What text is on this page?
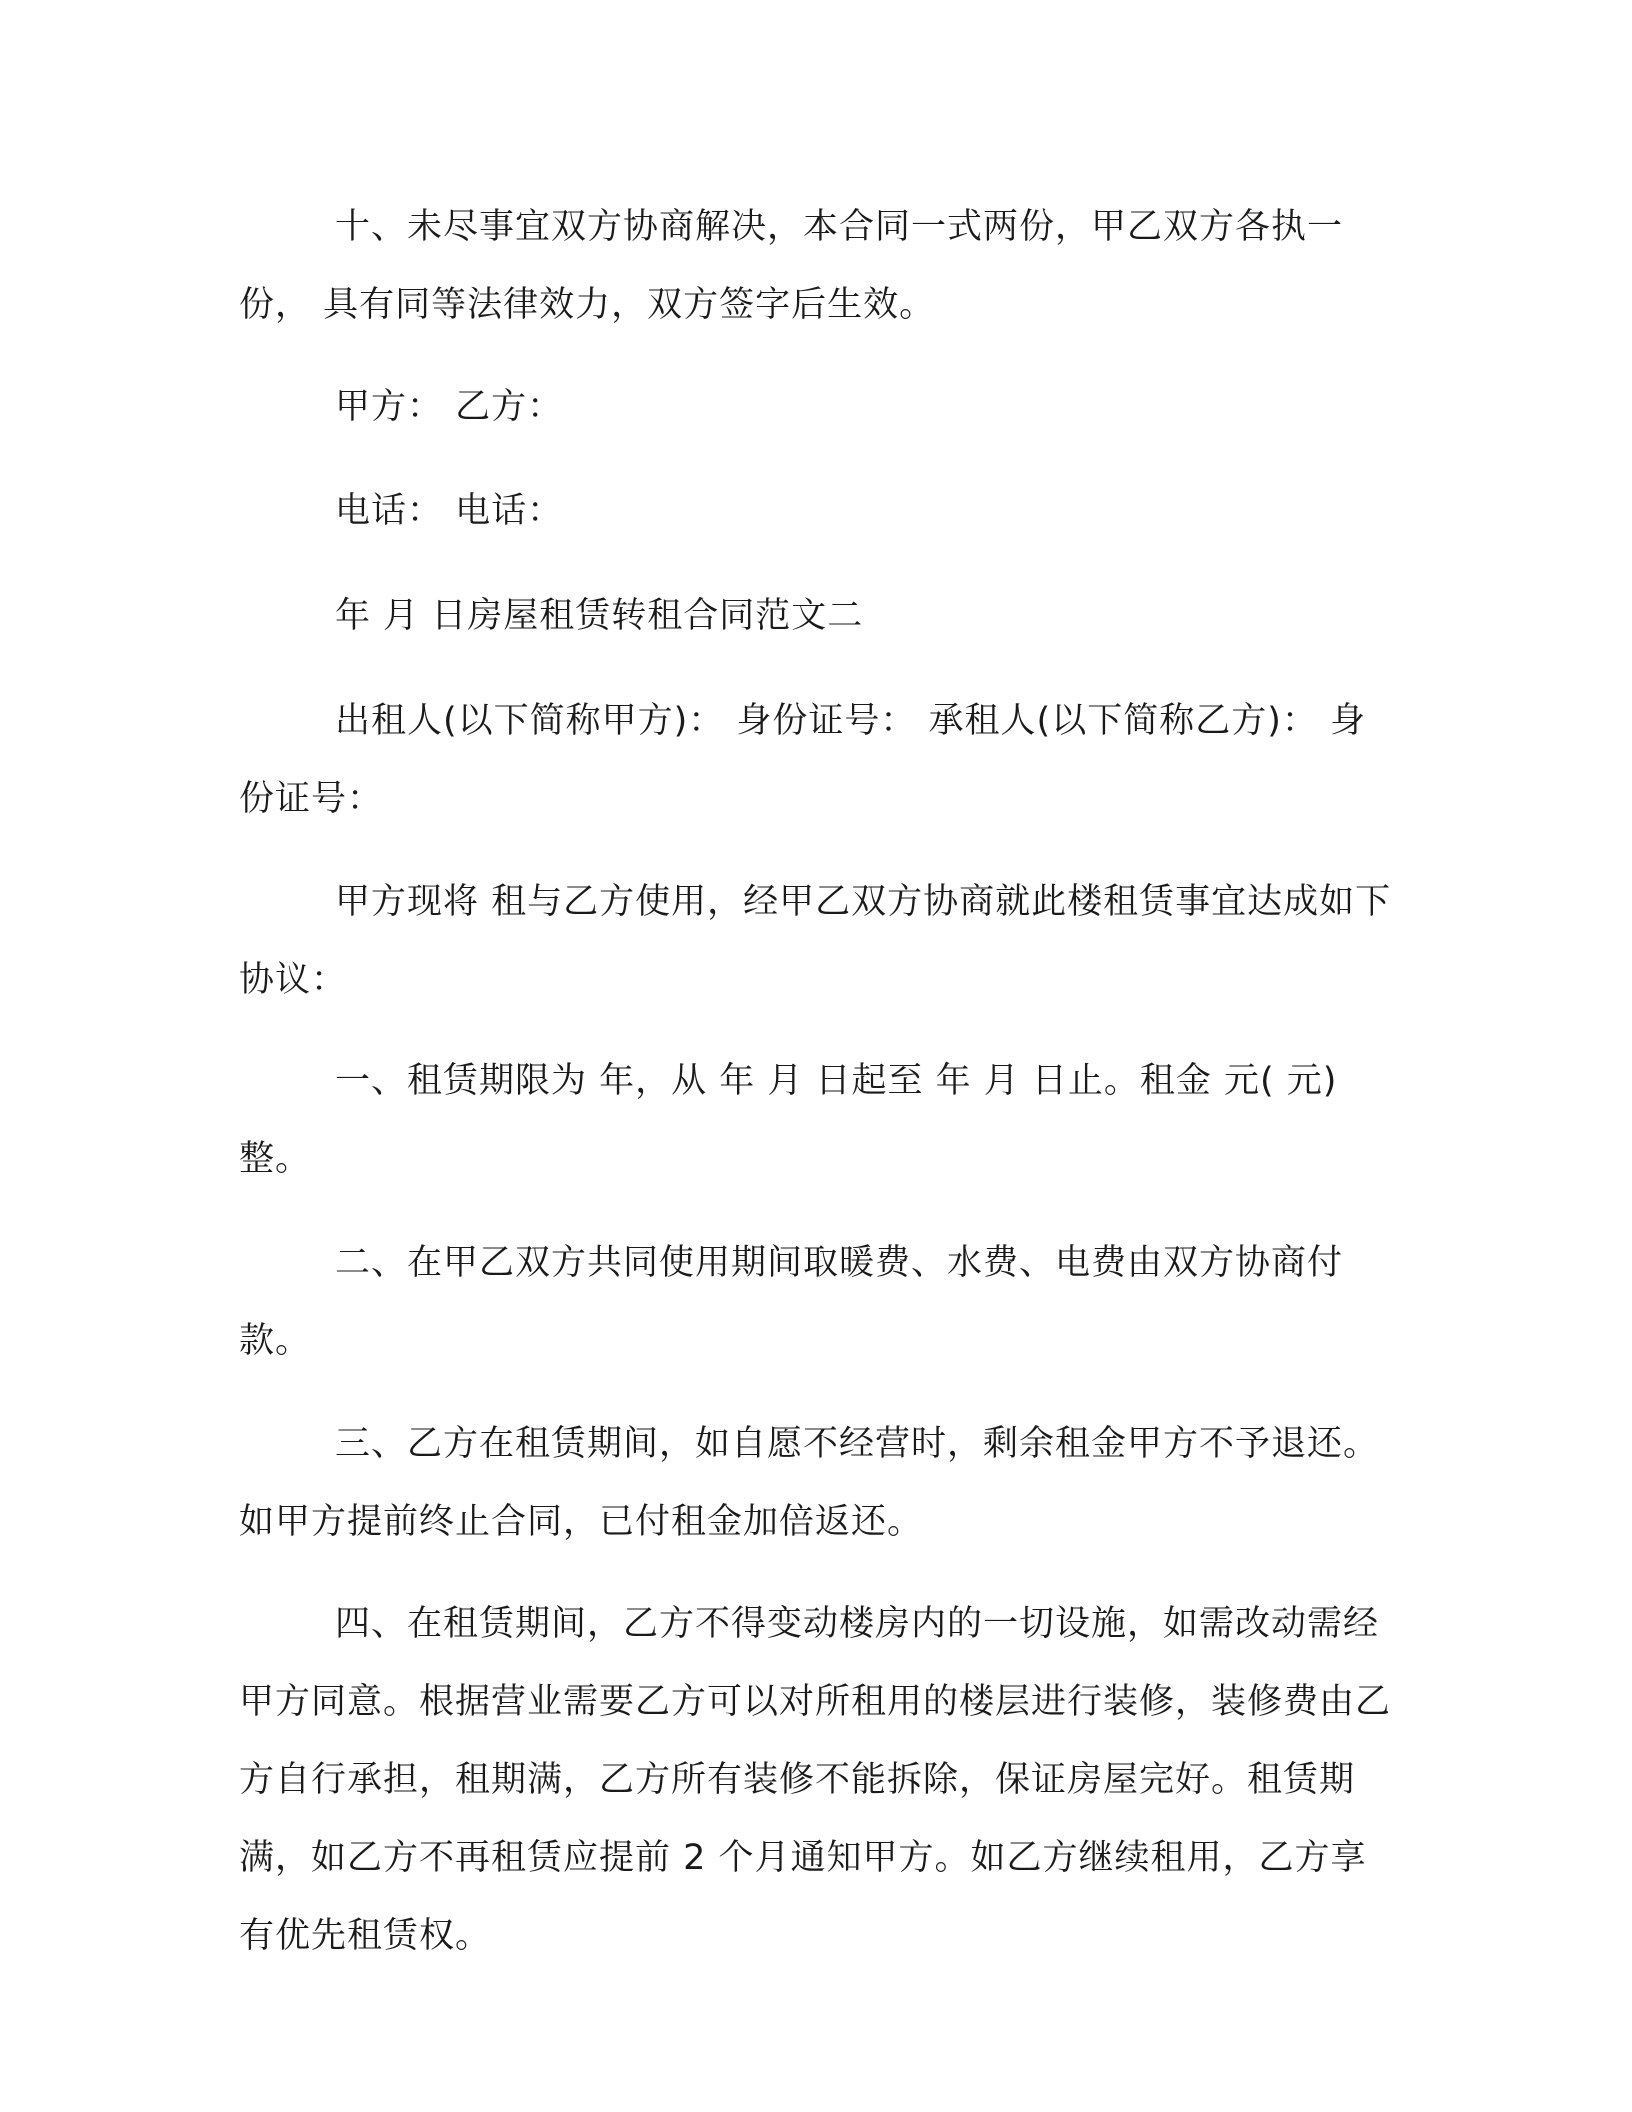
十、未尽事宜双方协商解决，本合同一式两份，甲乙双方各执一份， 具有同等法律效力，双方签字后生效。

甲方： 乙方：

电话： 电话：

年 月 日房屋租赁转租合同范文二

出租人(以下简称甲方)： 身份证号： 承租人(以下简称乙方)： 身份证号：

甲方现将 租与乙方使用，经甲乙双方协商就此楼租赁事宜达成如下协议：

一、租赁期限为 年，从 年 月 日起至 年 月 日止。租金 元( 元)整。

二、在甲乙双方共同使用期间取暖费、水费、电费由双方协商付款。

三、乙方在租赁期间，如自愿不经营时，剩余租金甲方不予退还。如甲方提前终止合同，已付租金加倍返还。

四、在租赁期间，乙方不得变动楼房内的一切设施，如需改动需经甲方同意。根据营业需要乙方可以对所租用的楼层进行装修，装修费由乙方自行承担，租期满，乙方所有装修不能拆除，保证房屋完好。租赁期满，如乙方不再租赁应提前 2 个月通知甲方。如乙方继续租用，乙方享有优先租赁权。
